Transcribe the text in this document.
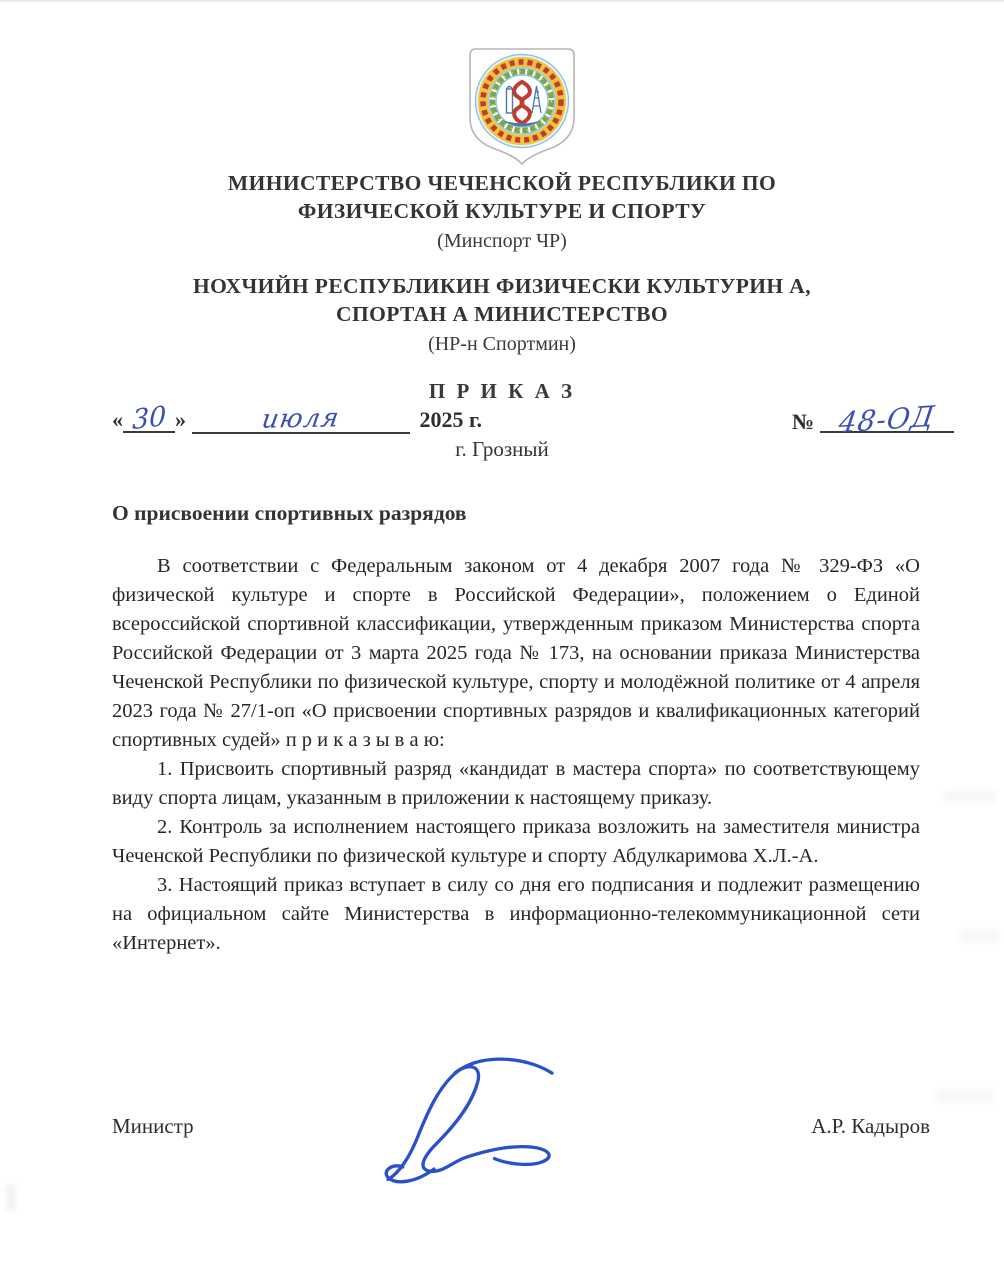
МИНИСТЕРСТВО ЧЕЧЕНСКОЙ РЕСПУБЛИКИ ПО
ФИЗИЧЕСКОЙ КУЛЬТУРЕ И СПОРТУ
(Минспорт ЧР)
НОХЧИЙН РЕСПУБЛИКИН ФИЗИЧЕСКИ КУЛЬТУРИН А,
СПОРТАН А МИНИСТЕРСТВО
(НР-н Спортмин)
П Р И К А З
« 30 »	июля	2025 г.	№ 48-ОД
г. Грозный
О присвоении спортивных разрядов

В соответствии с Федеральным законом от 4 декабря 2007 года № 329-ФЗ «О физической культуре и спорте в Российской Федерации», положением о Единой всероссийской спортивной классификации, утвержденным приказом Министерства спорта Российской Федерации от 3 марта 2025 года № 173, на основании приказа Министерства Чеченской Республики по физической культуре, спорту и молодёжной политике от 4 апреля 2023 года № 27/1-оп «О присвоении спортивных разрядов и квалификационных категорий спортивных судей» п р и к а з ы в а ю:

1. Присвоить спортивный разряд «кандидат в мастера спорта» по соответствующему виду спорта лицам, указанным в приложении к настоящему приказу.

2. Контроль за исполнением настоящего приказа возложить на заместителя министра Чеченской Республики по физической культуре и спорту Абдулкаримова Х.Л.-А.

3. Настоящий приказ вступает в силу со дня его подписания и подлежит размещению на официальном сайте Министерства в информационно-телекоммуникационной сети «Интернет».

Министр	А.Р. Кадыров
